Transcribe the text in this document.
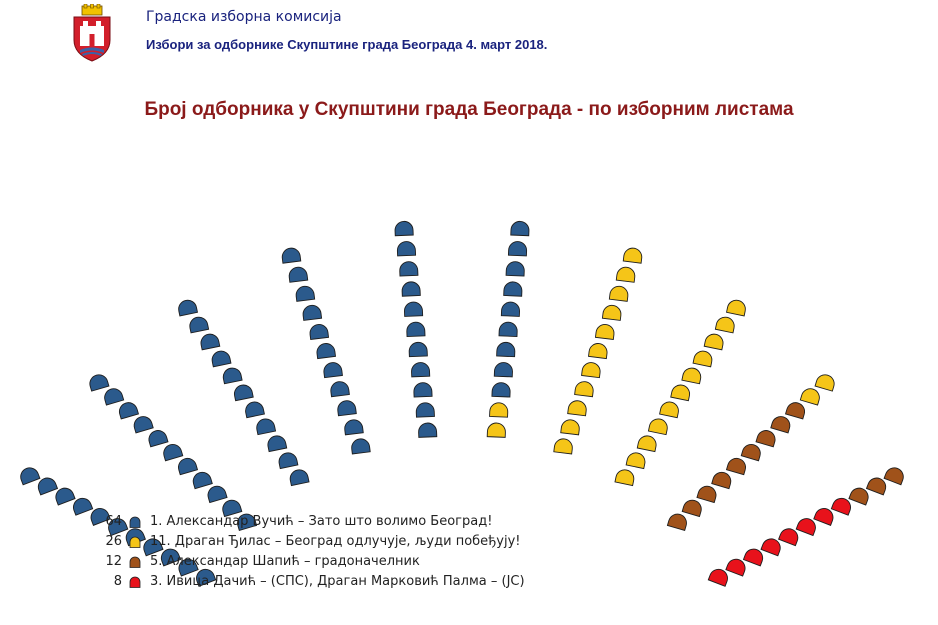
Градска изборна комисија
Избори за одборнике Скупштине града Београда 4. март 2018.
Број одборника у Скупштини града Београда - по изборним листама
64 1. Александар Вучић – Зато што волимо Београд!
26 11. Драган Ђилас – Београд одлучује, људи побеђују!
12 5. Александар Шапић – градоначелник
8 3. Ивица Дачић – (СПС), Драган Марковић Палма – (ЈС)
